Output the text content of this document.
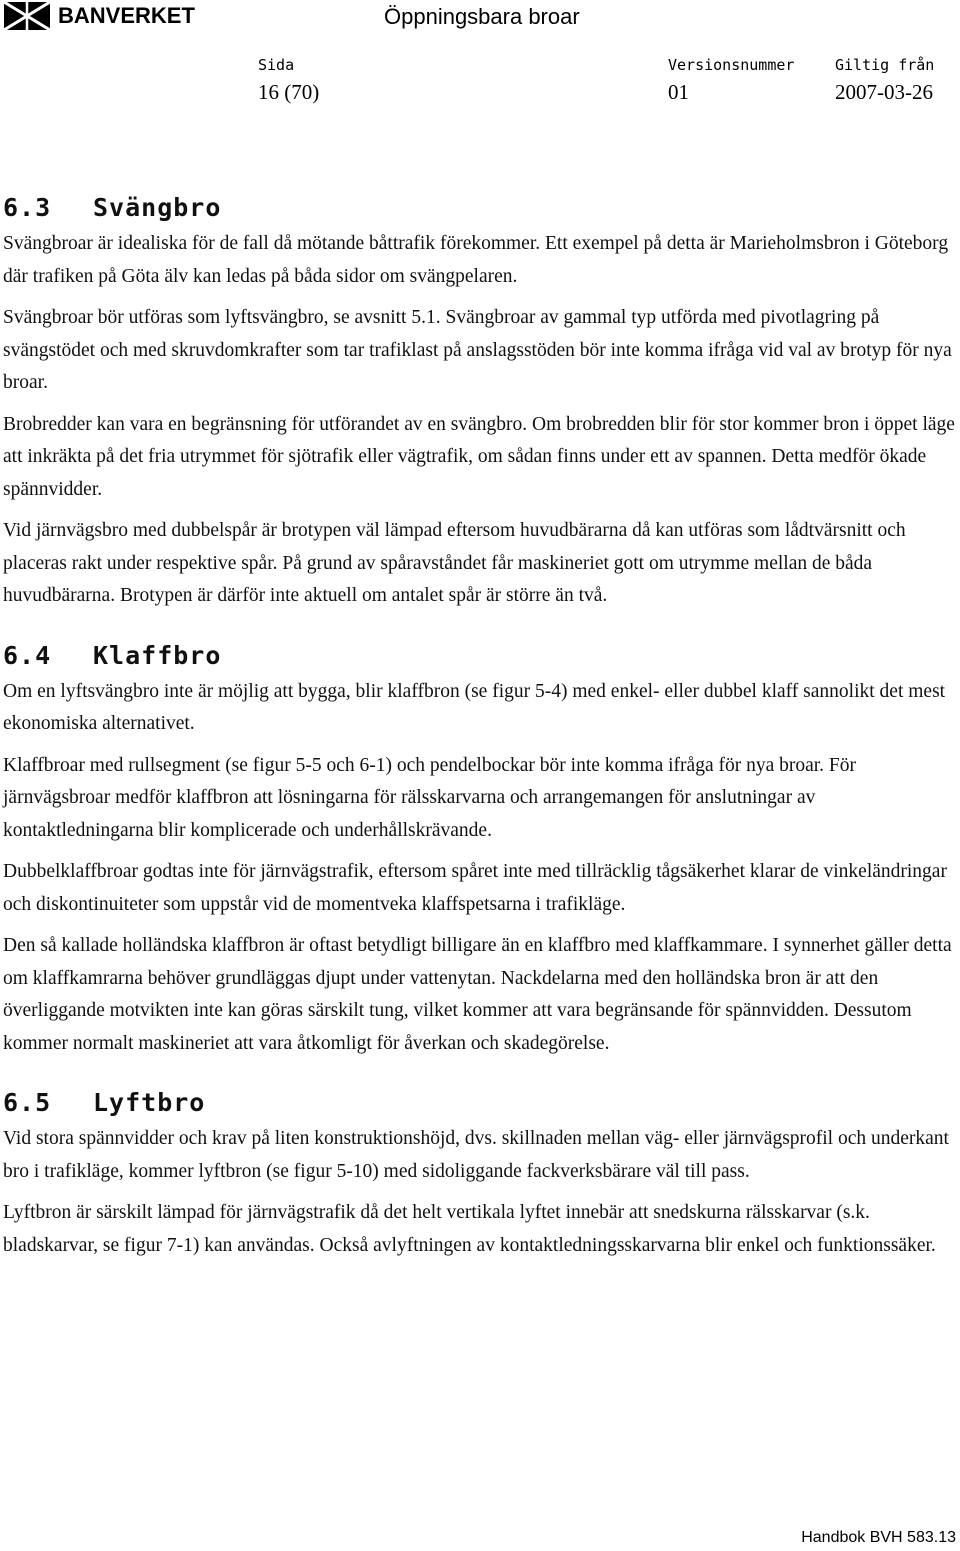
BANVERKET	Öppningsbara broar
Sida	Versionsnummer	Giltig från
16 (70)	01	2007-03-26
6.3 Svängbro

Svängbroar är idealiska för de fall då mötande båttrafik förekommer. Ett exempel på detta är Marieholmsbron i Göteborg där trafiken på Göta älv kan ledas på båda sidor om svängpelaren.

Svängbroar bör utföras som lyftsvängbro, se avsnitt 5.1. Svängbroar av gammal typ utförda med pivotlagring på svängstödet och med skruvdomkrafter som tar trafiklast på anslagsstöden bör inte komma ifråga vid val av brotyp för nya broar.

Brobredder kan vara en begränsning för utförandet av en svängbro. Om brobredden blir för stor kommer bron i öppet läge att inkräkta på det fria utrymmet för sjötrafik eller vägtrafik, om sådan finns under ett av spannen. Detta medför ökade spännvidder.

Vid järnvägsbro med dubbelspår är brotypen väl lämpad eftersom huvudbärarna då kan utföras som lådtvärsnitt och placeras rakt under respektive spår. På grund av spåravståndet får maskineriet gott om utrymme mellan de båda huvudbärarna. Brotypen är därför inte aktuell om antalet spår är större än två.

6.4 Klaffbro

Om en lyftsvängbro inte är möjlig att bygga, blir klaffbron (se figur 5-4) med enkel- eller dubbel klaff sannolikt det mest ekonomiska alternativet.

Klaffbroar med rullsegment (se figur 5-5 och 6-1) och pendelbockar bör inte komma ifråga för nya broar. För järnvägsbroar medför klaffbron att lösningarna för rälsskarvarna och arrangemangen för anslutningar av kontaktledningarna blir komplicerade och underhållskrävande.

Dubbelklaffbroar godtas inte för järnvägstrafik, eftersom spåret inte med tillräcklig tågsäkerhet klarar de vinkeländringar och diskontinuiteter som uppstår vid de momentveka klaffspetsarna i trafikläge.

Den så kallade holländska klaffbron är oftast betydligt billigare än en klaffbro med klaffkammare. I synnerhet gäller detta om klaffkamrarna behöver grundläggas djupt under vattenytan. Nackdelarna med den holländska bron är att den överliggande motvikten inte kan göras särskilt tung, vilket kommer att vara begränsande för spännvidden. Dessutom kommer normalt maskineriet att vara åtkomligt för åverkan och skadegörelse.

6.5 Lyftbro

Vid stora spännvidder och krav på liten konstruktionshöjd, dvs. skillnaden mellan väg- eller järnvägsprofil och underkant bro i trafikläge, kommer lyftbron (se figur 5-10) med sidoliggande fackverksbärare väl till pass.

Lyftbron är särskilt lämpad för järnvägstrafik då det helt vertikala lyftet innebär att snedskurna rälsskarvar (s.k. bladskarvar, se figur 7-1) kan användas. Också avlyftningen av kontaktledningsskarvarna blir enkel och funktionssäker.

Handbok BVH 583.13
